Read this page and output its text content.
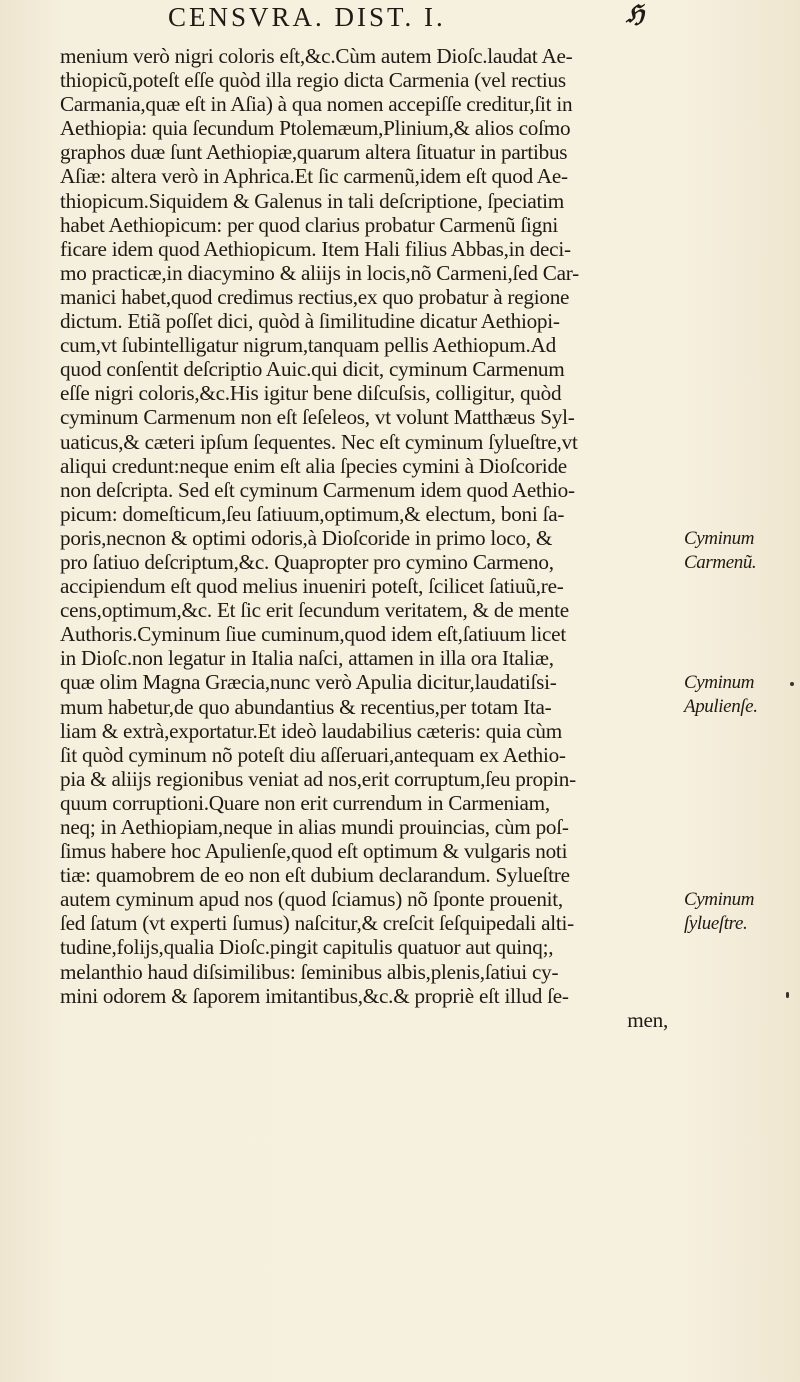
CENSVRA. DIST. I.	ℌ
menium verò nigri coloris eſt,&c.Cùm autem Dioſc.laudat Ae-
thiopicũ,poteſt eſſe quòd illa regio dicta Carmenia (vel rectius
Carmania,quæ eſt in Aſia) à qua nomen accepiſſe creditur,ſit in
Aethiopia: quia ſecundum Ptolemæum,Plinium,& alios coſmo
graphos duæ ſunt Aethiopiæ,quarum altera ſituatur in partibus
Aſiæ: altera verò in Aphrica.Et ſic carmenũ,idem eſt quod Ae-
thiopicum.Siquidem & Galenus in tali deſcriptione, ſpeciatim
habet Aethiopicum: per quod clarius probatur Carmenũ ſigni
ficare idem quod Aethiopicum. Item Hali filius Abbas,in deci-
mo practicæ,in diacymino & aliijs in locis,nõ Carmeni,ſed Car-
manici habet,quod credimus rectius,ex quo probatur à regione
dictum. Etiã poſſet dici, quòd à ſimilitudine dicatur Aethiopi-
cum,vt ſubintelligatur nigrum,tanquam pellis Aethiopum.Ad
quod conſentit deſcriptio Auic.qui dicit, cyminum Carmenum
eſſe nigri coloris,&c.His igitur bene diſcuſsis, colligitur, quòd
cyminum Carmenum non eſt ſeſeleos, vt volunt Matthæus Syl-
uaticus,& cæteri ipſum ſequentes. Nec eſt cyminum ſylueſtre,vt
aliqui credunt:neque enim eſt alia ſpecies cymini à Dioſcoride
non deſcripta. Sed eſt cyminum Carmenum idem quod Aethio-
picum: domeſticum,ſeu ſatiuum,optimum,& electum, boni ſa-
poris,necnon & optimi odoris,à Dioſcoride in primo loco, &
pro ſatiuo deſcriptum,&c. Quapropter pro cymino Carmeno,
accipiendum eſt quod melius inueniri poteſt, ſcilicet ſatiuũ,re-
cens,optimum,&c. Et ſic erit ſecundum veritatem, & de mente
Authoris.Cyminum ſiue cuminum,quod idem eſt,ſatiuum licet
in Dioſc.non legatur in Italia naſci, attamen in illa ora Italiæ,
quæ olim Magna Græcia,nunc verò Apulia dicitur,laudatiſsi-
mum habetur,de quo abundantius & recentius,per totam Ita-
liam & extrà,exportatur.Et ideò laudabilius cæteris: quia cùm
ſit quòd cyminum nõ poteſt diu aſſeruari,antequam ex Aethio-
pia & aliijs regionibus veniat ad nos,erit corruptum,ſeu propin-
quum corruptioni.Quare non erit currendum in Carmeniam,
neq; in Aethiopiam,neque in alias mundi prouincias, cùm poſ-
ſimus habere hoc Apulienſe,quod eſt optimum & vulgaris noti
tiæ: quamobrem de eo non eſt dubium declarandum. Sylueſtre
autem cyminum apud nos (quod ſciamus) nõ ſponte prouenit,
ſed ſatum (vt experti ſumus) naſcitur,& creſcit ſeſquipedali alti-
tudine,folijs,qualia Dioſc.pingit capitulis quatuor aut quinq;,
melanthio haud diſsimilibus: ſeminibus albis,plenis,ſatiui cy-
mini odorem & ſaporem imitantibus,&c.& propriè eſt illud ſe-
men,
Cyminum
Carmenũ.
Cyminum
Apulienſe.
Cyminum
ſylueſtre.
